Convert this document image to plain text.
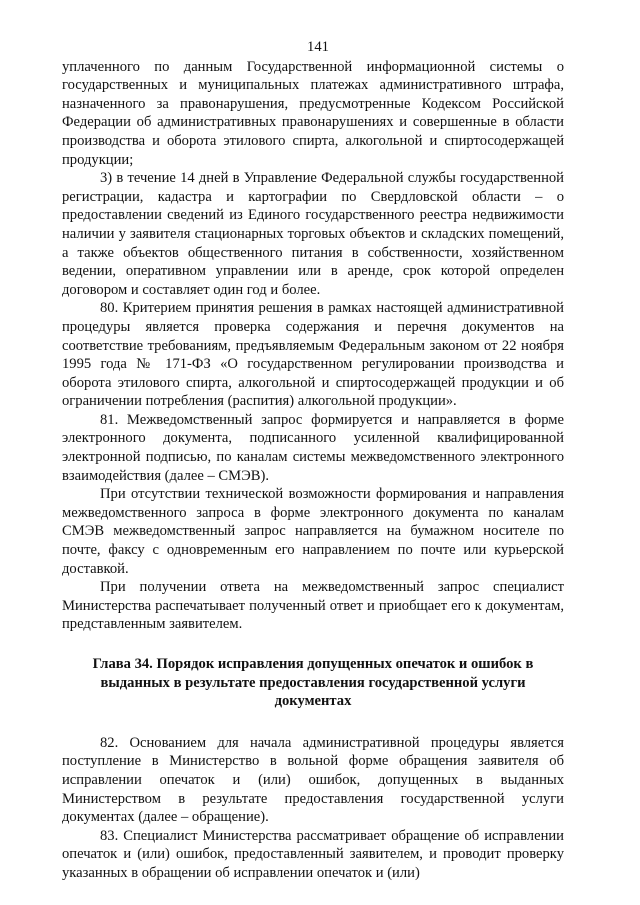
141

уплаченного по данным Государственной информационной системы о государственных и муниципальных платежах административного штрафа, назначенного за правонарушения, предусмотренные Кодексом Российской Федерации об административных правонарушениях и совершенные в области производства и оборота этилового спирта, алкогольной и спиртосодержащей продукции;

3) в течение 14 дней в Управление Федеральной службы государственной регистрации, кадастра и картографии по Свердловской области – о предоставлении сведений из Единого государственного реестра недвижимости наличии у заявителя стационарных торговых объектов и складских помещений, а также объектов общественного питания в собственности, хозяйственном ведении, оперативном управлении или в аренде, срок которой определен договором и составляет один год и более.

80. Критерием принятия решения в рамках настоящей административной процедуры является проверка содержания и перечня документов на соответствие требованиям, предъявляемым Федеральным законом от 22 ноября 1995 года № 171-ФЗ «О государственном регулировании производства и оборота этилового спирта, алкогольной и спиртосодержащей продукции и об ограничении потребления (распития) алкогольной продукции».

81. Межведомственный запрос формируется и направляется в форме электронного документа, подписанного усиленной квалифицированной электронной подписью, по каналам системы межведомственного электронного взаимодействия (далее – СМЭВ).

При отсутствии технической возможности формирования и направления межведомственного запроса в форме электронного документа по каналам СМЭВ межведомственный запрос направляется на бумажном носителе по почте, факсу с одновременным его направлением по почте или курьерской доставкой.

При получении ответа на межведомственный запрос специалист Министерства распечатывает полученный ответ и приобщает его к документам, представленным заявителем.

Глава 34. Порядок исправления допущенных опечаток и ошибок в выданных в результате предоставления государственной услуги документах

82. Основанием для начала административной процедуры является поступление в Министерство в вольной форме обращения заявителя об исправлении опечаток и (или) ошибок, допущенных в выданных Министерством в результате предоставления государственной услуги документах (далее – обращение).

83. Специалист Министерства рассматривает обращение об исправлении опечаток и (или) ошибок, предоставленный заявителем, и проводит проверку указанных в обращении об исправлении опечаток и (или)
